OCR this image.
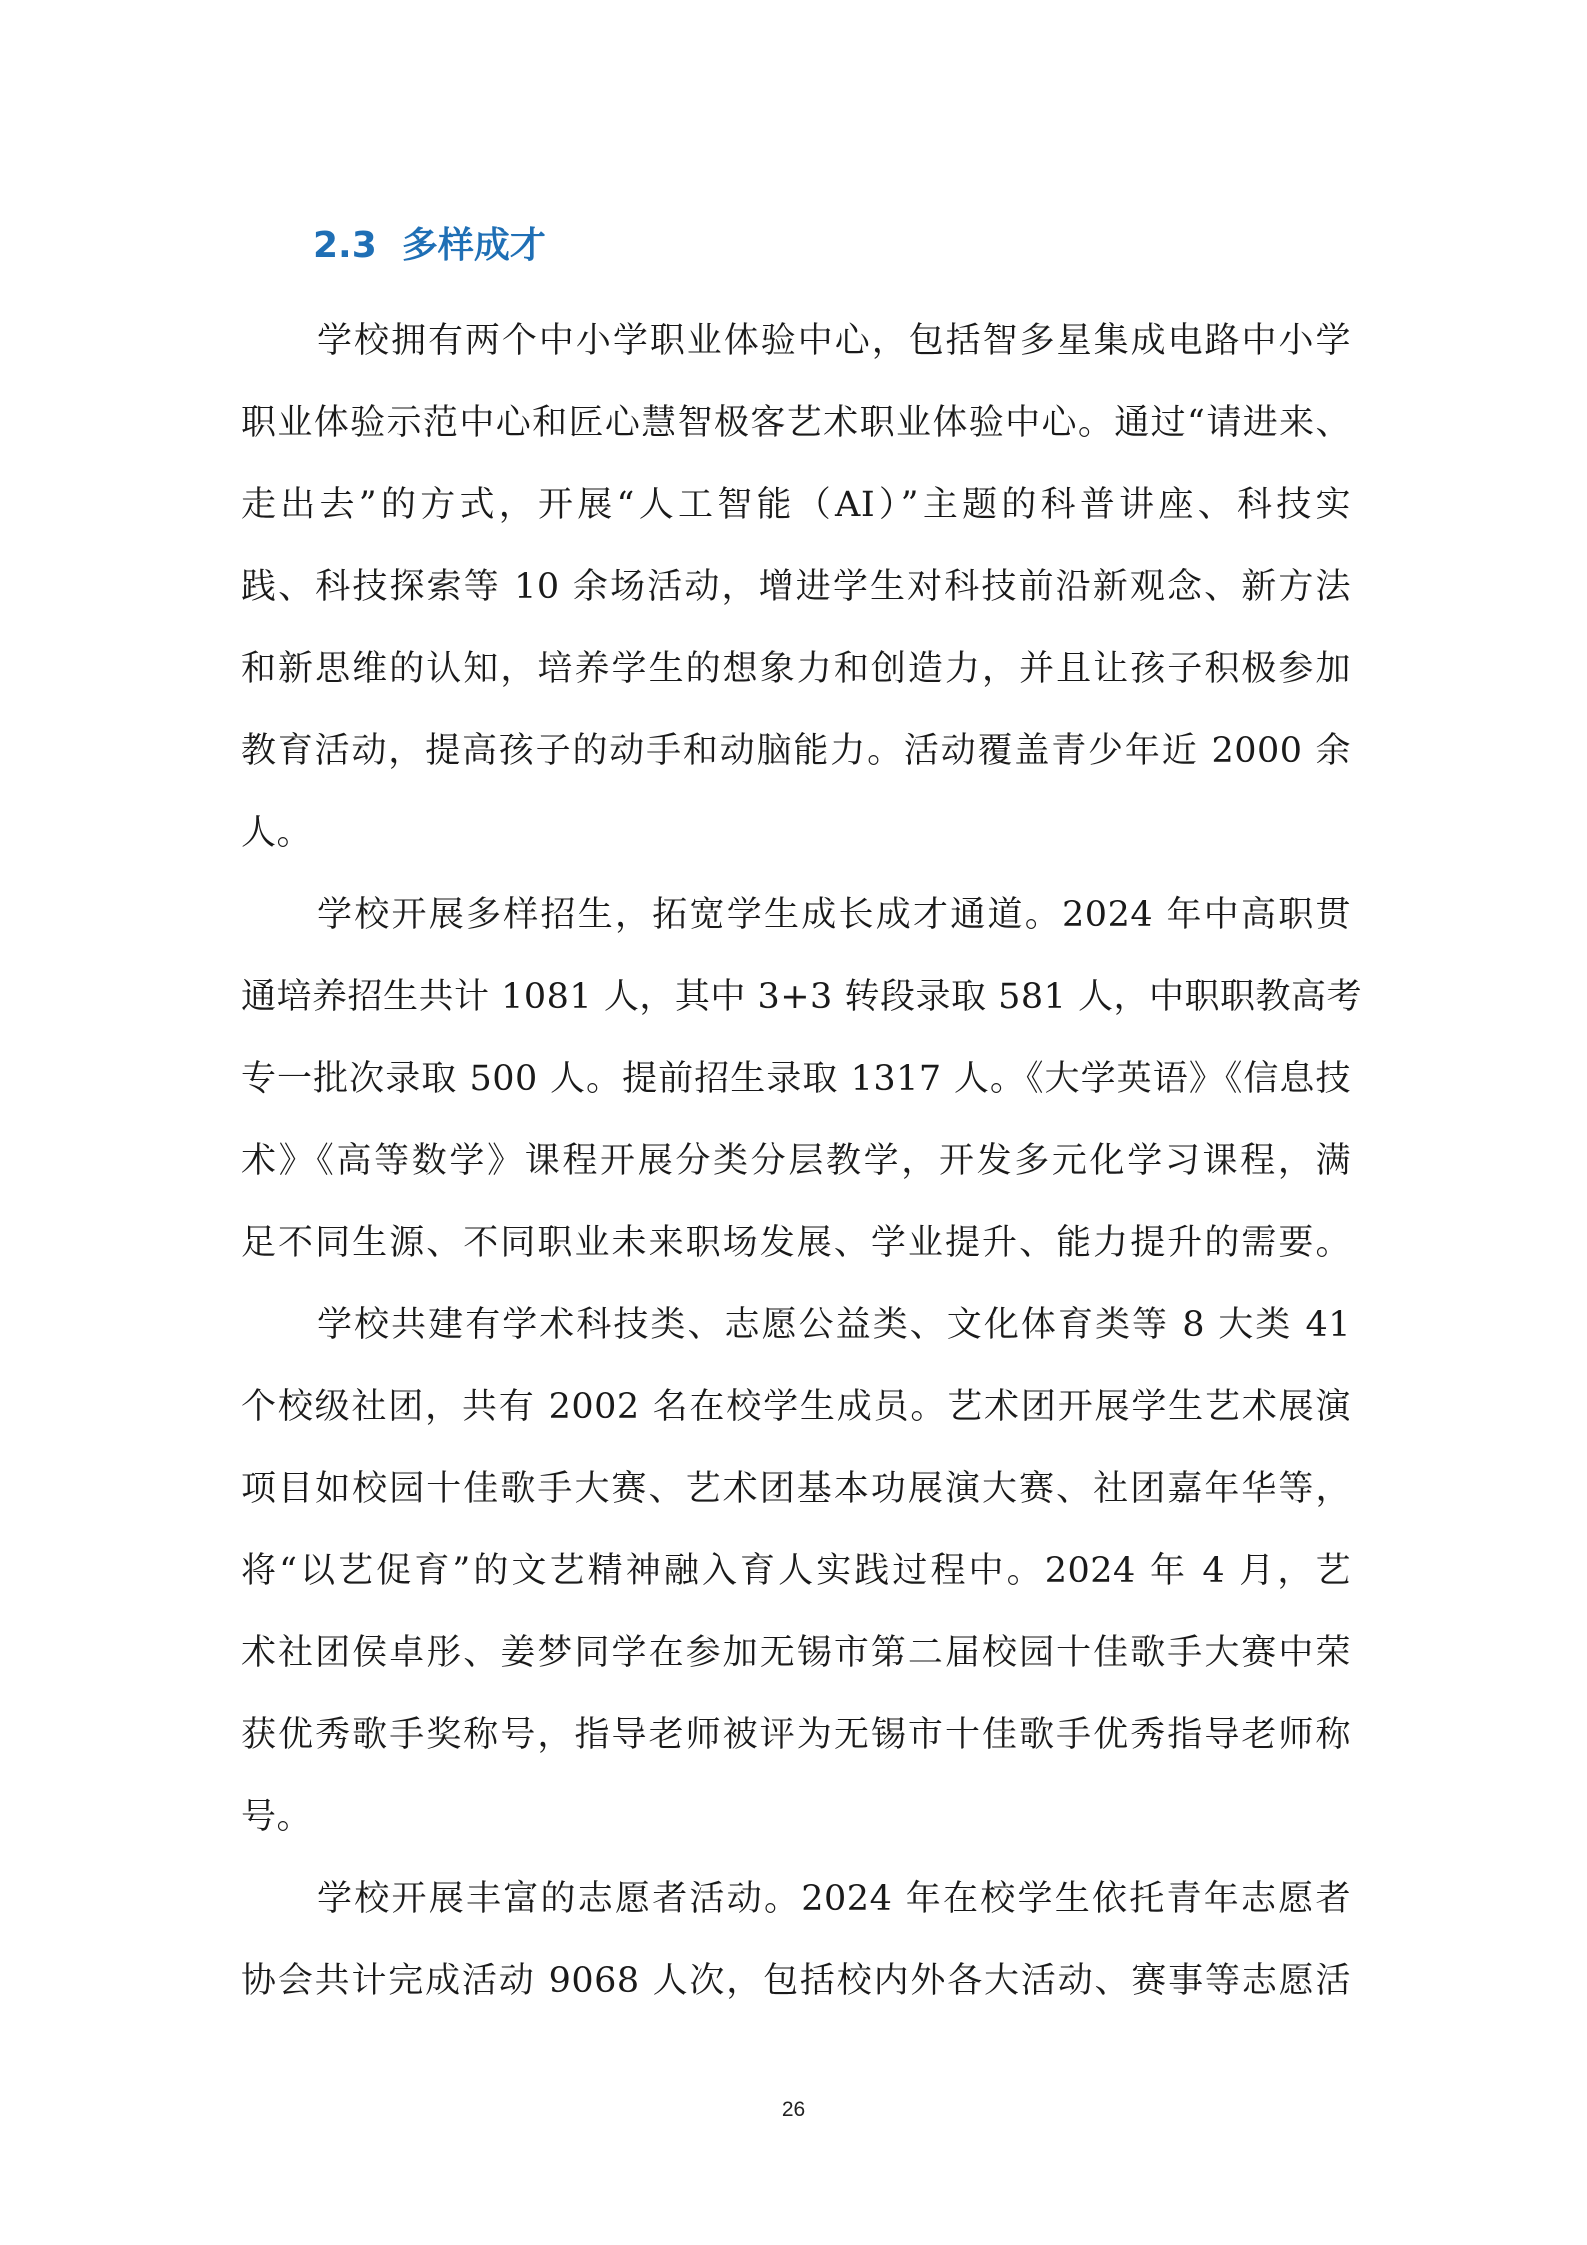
2.3 多样成才
学校拥有两个中小学职业体验中心，包括智多星集成电路中小学
职业体验示范中心和匠心慧智极客艺术职业体验中心。通过“请进来、
走出去”的方式，开展“人工智能（AI）”主题的科普讲座、科技实
践、科技探索等 10 余场活动，增进学生对科技前沿新观念、新方法
和新思维的认知，培养学生的想象力和创造力，并且让孩子积极参加
教育活动，提高孩子的动手和动脑能力。活动覆盖青少年近 2000 余
人。
学校开展多样招生，拓宽学生成长成才通道。2024 年中高职贯
通培养招生共计 1081 人，其中 3+3 转段录取 581 人，中职职教高考
专一批次录取 500 人。提前招生录取 1317 人。《大学英语》《信息技
术》《高等数学》课程开展分类分层教学，开发多元化学习课程，满
足不同生源、不同职业未来职场发展、学业提升、能力提升的需要。
学校共建有学术科技类、志愿公益类、文化体育类等 8 大类 41
个校级社团，共有 2002 名在校学生成员。艺术团开展学生艺术展演
项目如校园十佳歌手大赛、艺术团基本功展演大赛、社团嘉年华等，
将“以艺促育”的文艺精神融入育人实践过程中。2024 年 4 月，艺
术社团侯卓彤、姜梦同学在参加无锡市第二届校园十佳歌手大赛中荣
获优秀歌手奖称号，指导老师被评为无锡市十佳歌手优秀指导老师称
号。
学校开展丰富的志愿者活动。2024 年在校学生依托青年志愿者
协会共计完成活动 9068 人次，包括校内外各大活动、赛事等志愿活
26
